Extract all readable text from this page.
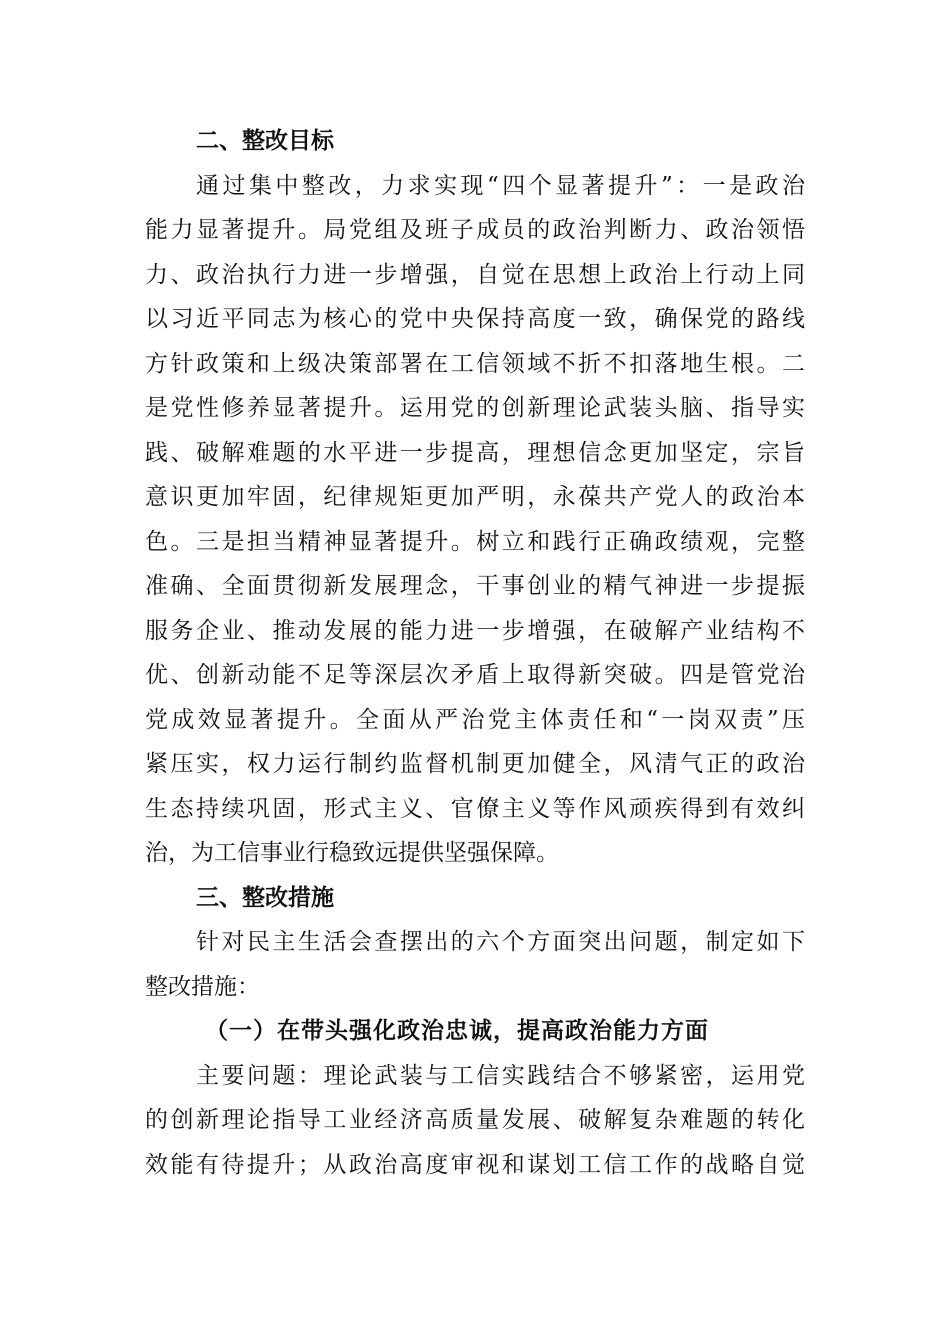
二、整改目标
通过集中整改，力求实现“四个显著提升”：一是政治
能力显著提升。局党组及班子成员的政治判断力、政治领悟
力、政治执行力进一步增强，自觉在思想上政治上行动上同
以习近平同志为核心的党中央保持高度一致，确保党的路线
方针政策和上级决策部署在工信领域不折不扣落地生根。二
是党性修养显著提升。运用党的创新理论武装头脑、指导实
践、破解难题的水平进一步提高，理想信念更加坚定，宗旨
意识更加牢固，纪律规矩更加严明，永葆共产党人的政治本
色。三是担当精神显著提升。树立和践行正确政绩观，完整
准确、全面贯彻新发展理念，干事创业的精气神进一步提振
服务企业、推动发展的能力进一步增强，在破解产业结构不
优、创新动能不足等深层次矛盾上取得新突破。四是管党治
党成效显著提升。全面从严治党主体责任和“一岗双责”压
紧压实，权力运行制约监督机制更加健全，风清气正的政治
生态持续巩固，形式主义、官僚主义等作风顽疾得到有效纠
治，为工信事业行稳致远提供坚强保障。
三、整改措施
针对民主生活会查摆出的六个方面突出问题，制定如下
整改措施：
（一）在带头强化政治忠诚，提高政治能力方面
主要问题：理论武装与工信实践结合不够紧密，运用党
的创新理论指导工业经济高质量发展、破解复杂难题的转化
效能有待提升；从政治高度审视和谋划工信工作的战略自觉
